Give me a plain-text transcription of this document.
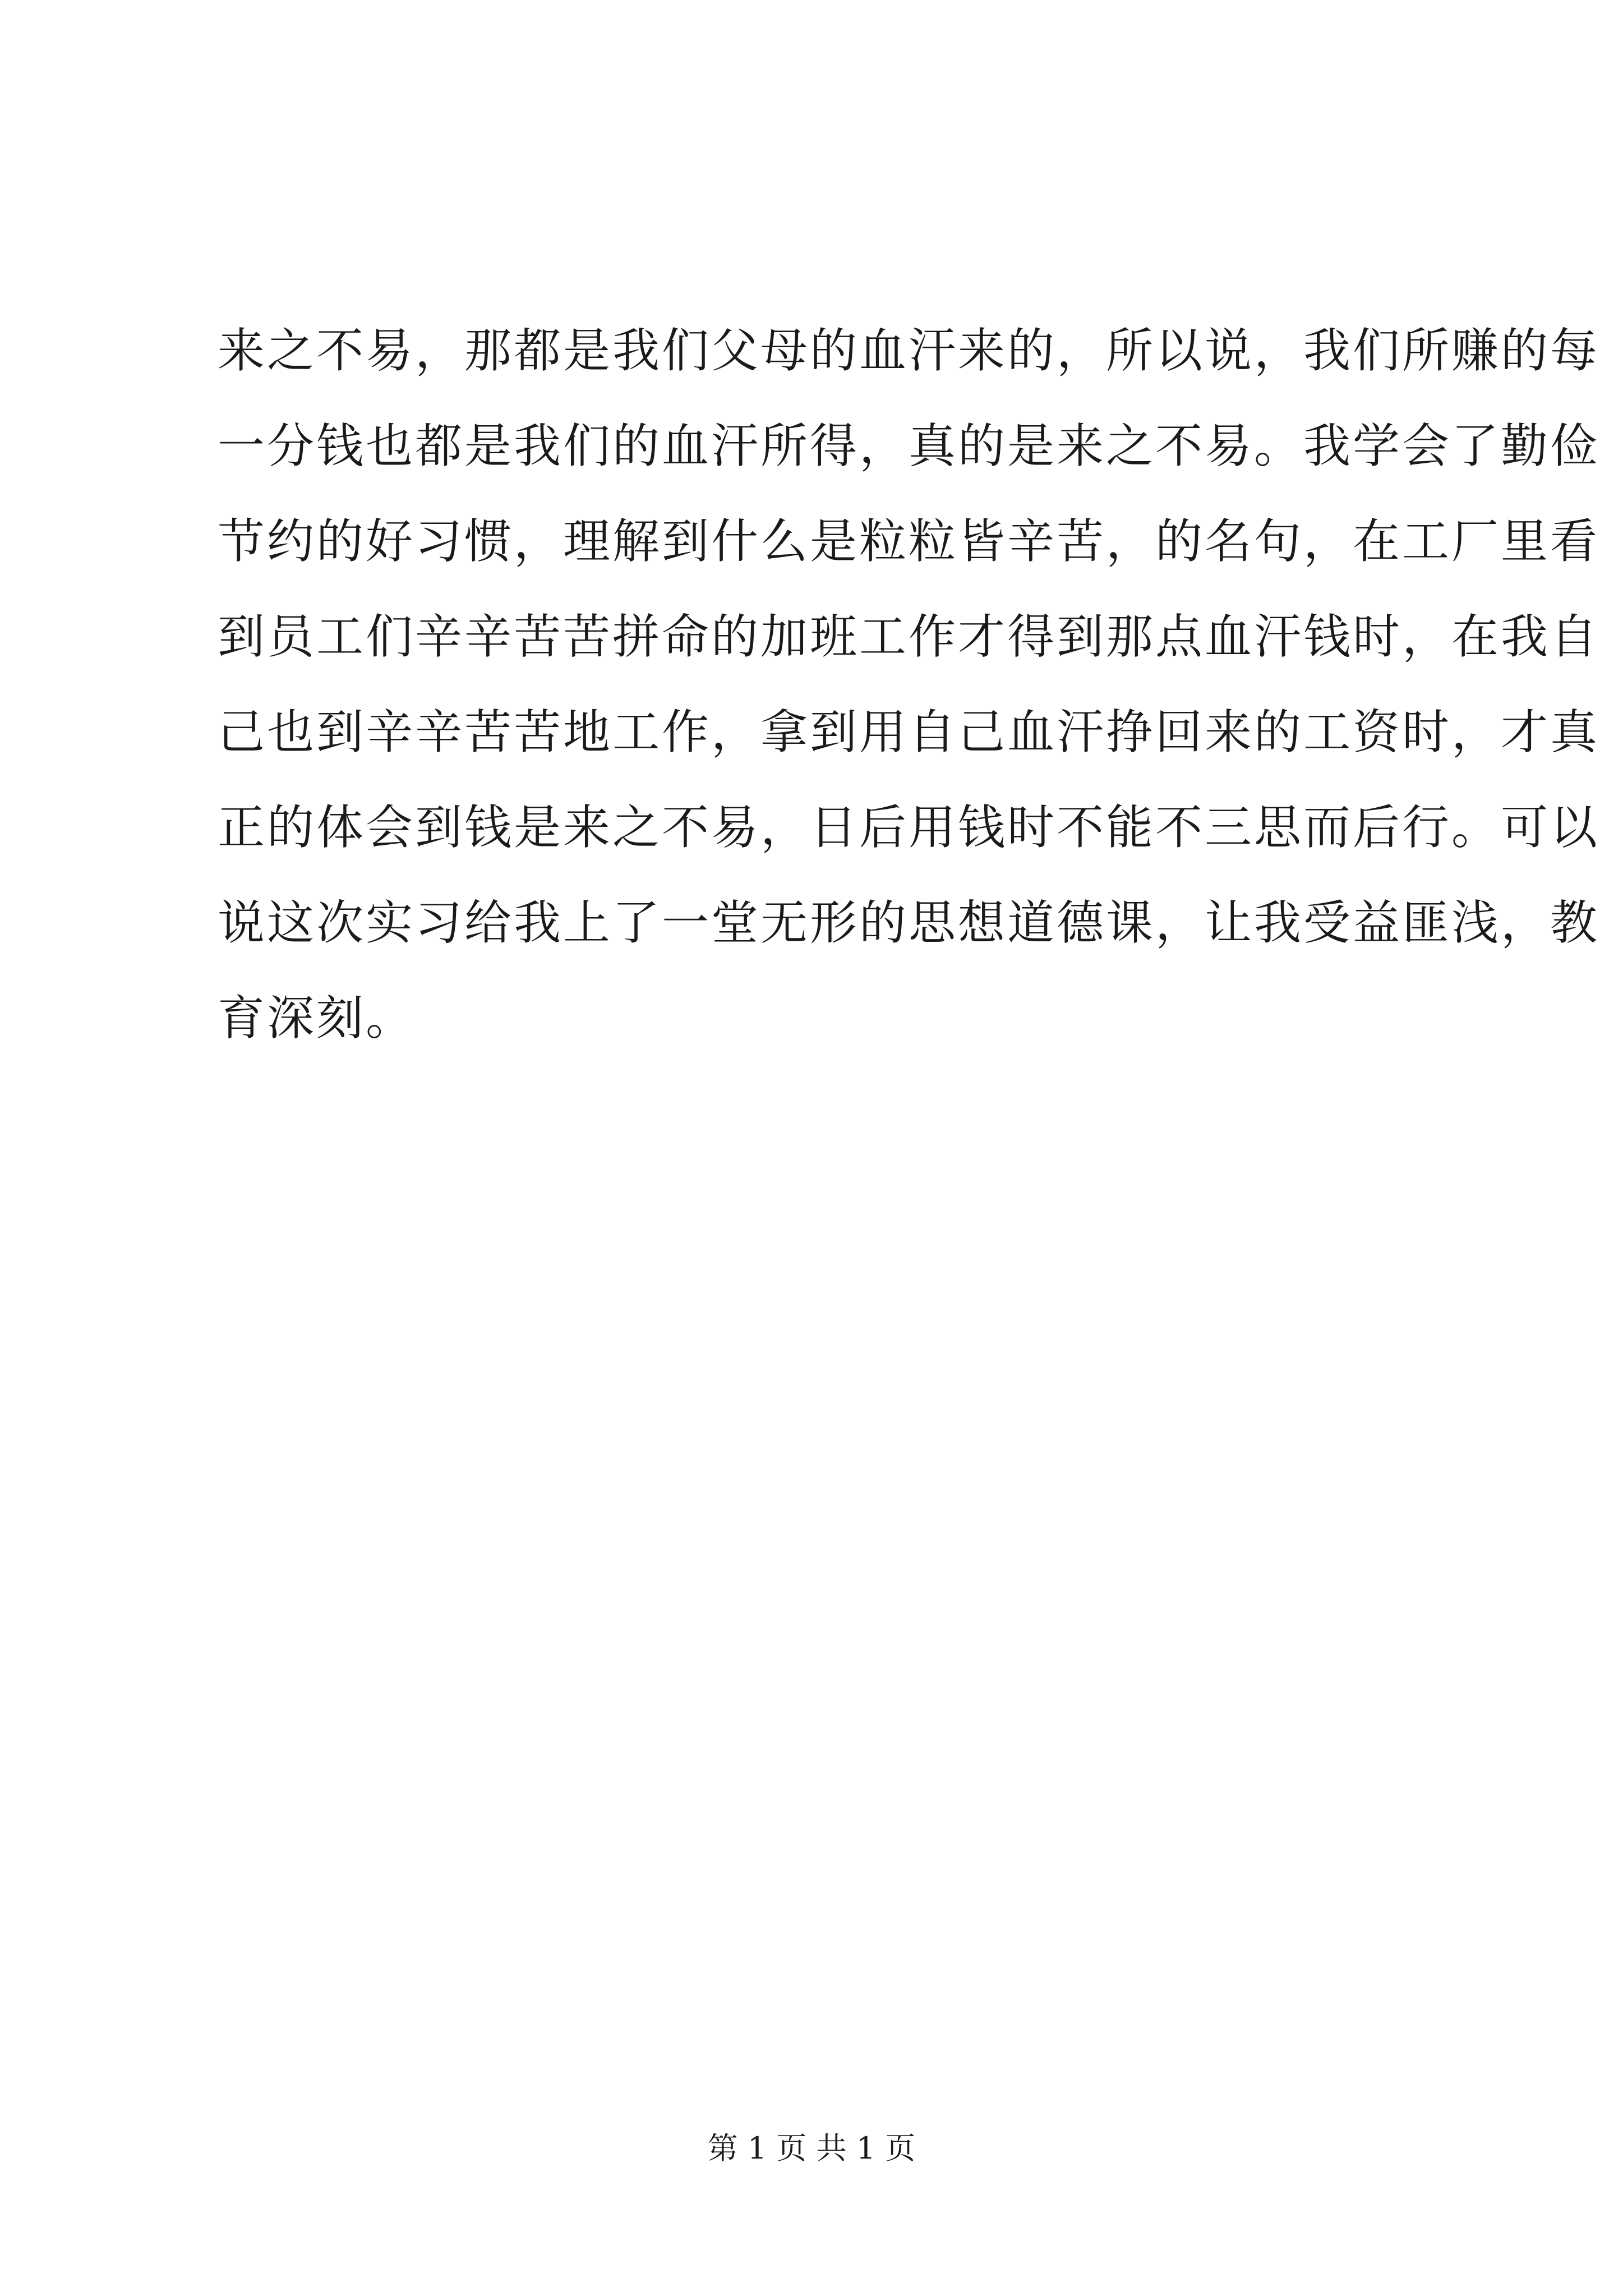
来之不易，那都是我们父母的血汗来的，所以说，我们所赚的每
一分钱也都是我们的血汗所得，真的是来之不易。我学会了勤俭
节约的好习惯，理解到什么是粒粒皆辛苦，的名句，在工厂里看
到员工们辛辛苦苦拼命的加班工作才得到那点血汗钱时，在我自
己也到辛辛苦苦地工作，拿到用自己血汗挣回来的工资时，才真
正的体会到钱是来之不易，日后用钱时不能不三思而后行。可以
说这次实习给我上了一堂无形的思想道德课，让我受益匪浅，教
育深刻。
第 1 页 共 1 页
